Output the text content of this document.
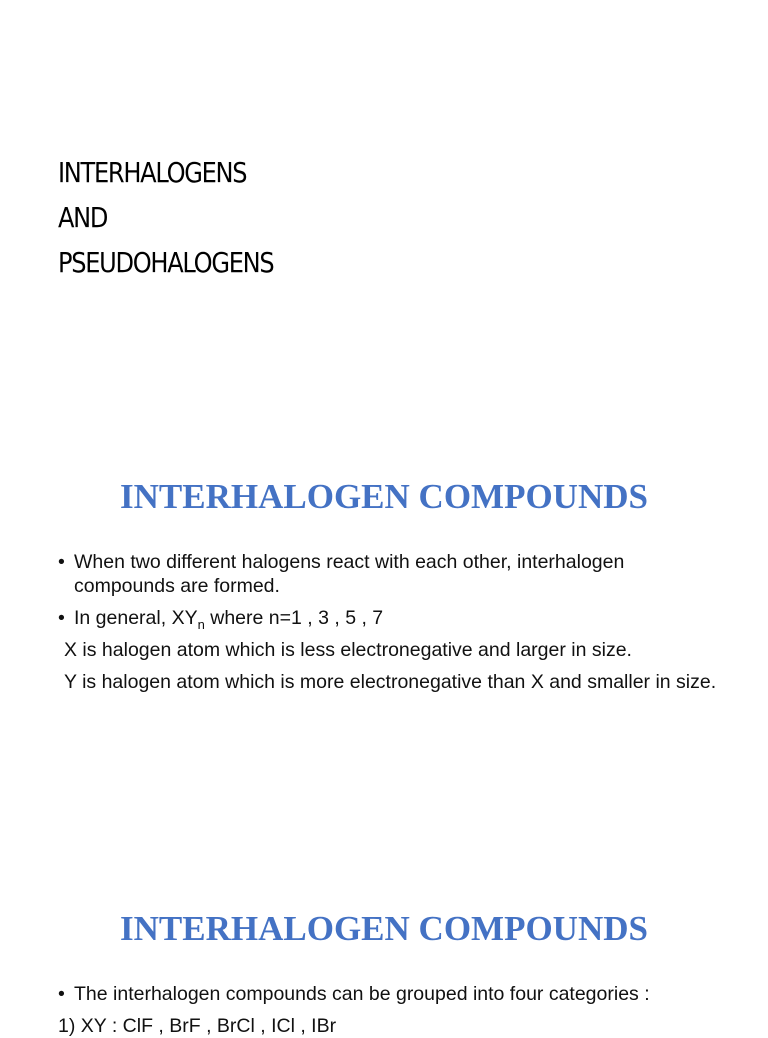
INTERHALOGENS
AND
PSEUDOHALOGENS
INTERHALOGEN COMPOUNDS
• When two different halogens react with each other, interhalogen compounds are formed.
• In general, $XY_n$ where n=1 , 3 , 5 , 7

X is halogen atom which is less electronegative and larger in size.

Y is halogen atom which is more electronegative than X and smaller in size.

INTERHALOGEN COMPOUNDS
• The interhalogen compounds can be grouped into four categories :
1) XY : ClF , BrF , BrCl , ICl , IBr
